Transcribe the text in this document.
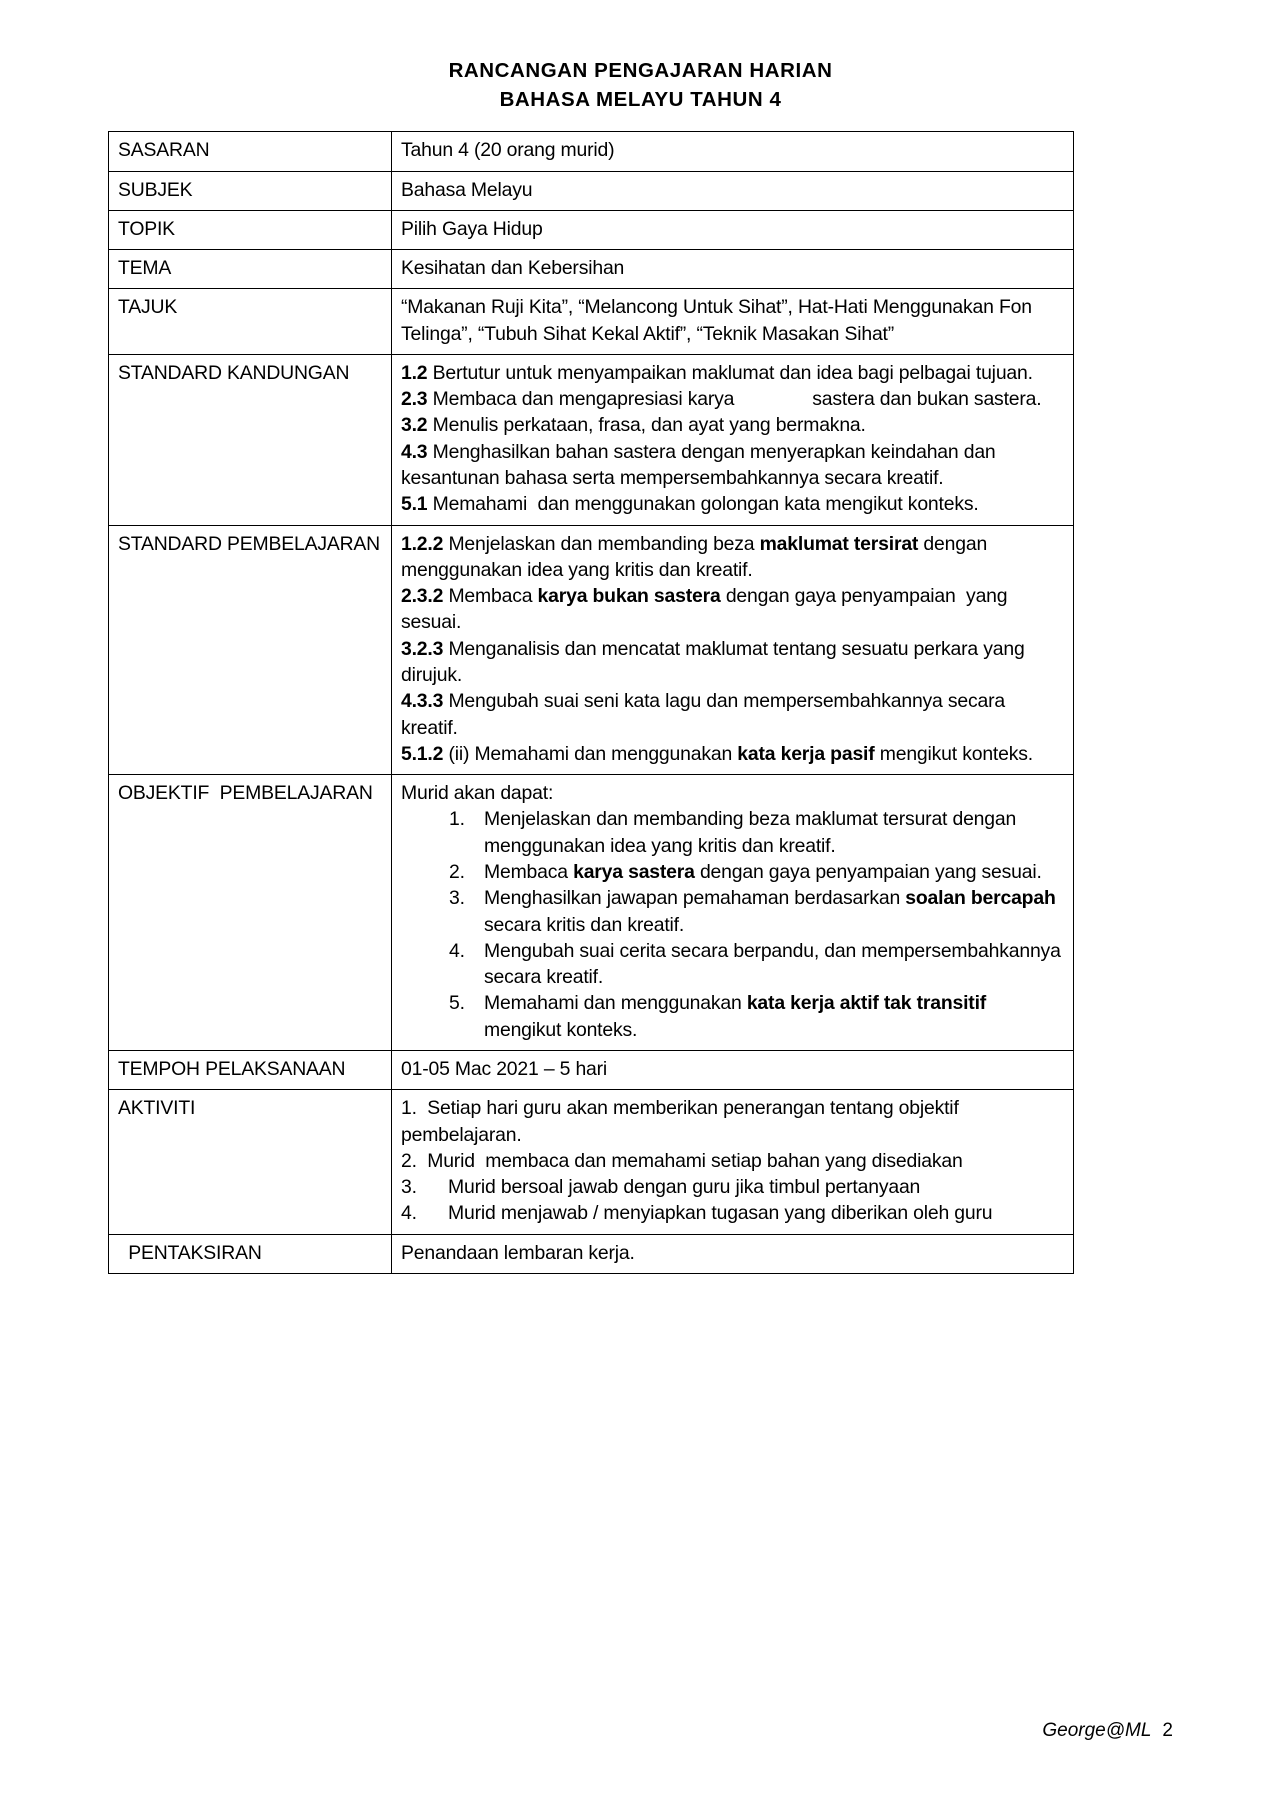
RANCANGAN PENGAJARAN HARIAN
BAHASA MELAYU TAHUN 4
SASARAN	Tahun 4 (20 orang murid)
SUBJEK	Bahasa Melayu
TOPIK	Pilih Gaya Hidup
TEMA	Kesihatan dan Kebersihan
TAJUK	“Makanan Ruji Kita”, “Melancong Untuk Sihat”, Hat-Hati Menggunakan Fon Telinga”, “Tubuh Sihat Kekal Aktif”, “Teknik Masakan Sihat”
STANDARD KANDUNGAN	1.2 Bertutur untuk menyampaikan maklumat dan idea bagi pelbagai tujuan.
2.3 Membaca dan mengapresiasi karya sastera dan bukan sastera.
3.2 Menulis perkataan, frasa, dan ayat yang bermakna.
4.3 Menghasilkan bahan sastera dengan menyerapkan keindahan dan kesantunan bahasa serta mempersembahkannya secara kreatif.
5.1 Memahami  dan menggunakan golongan kata mengikut konteks.

STANDARD PEMBELAJARAN	1.2.2 Menjelaskan dan membanding beza maklumat tersirat dengan menggunakan idea yang kritis dan kreatif.
2.3.2 Membaca karya bukan sastera dengan gaya penyampaian  yang sesuai.
3.2.3 Menganalisis dan mencatat maklumat tentang sesuatu perkara yang dirujuk.
4.3.3 Mengubah suai seni kata lagu dan mempersembahkannya secara kreatif.
5.1.2 (ii) Memahami dan menggunakan kata kerja pasif mengikut konteks.

OBJEKTIF  PEMBELAJARAN	Murid akan dapat:
1. Menjelaskan dan membanding beza maklumat tersurat dengan menggunakan idea yang kritis dan kreatif.
2. Membaca karya sastera dengan gaya penyampaian yang sesuai.
3. Menghasilkan jawapan pemahaman berdasarkan soalan bercapah secara kritis dan kreatif.
4. Mengubah suai cerita secara berpandu, dan mempersembahkannya secara kreatif.
5. Memahami dan menggunakan kata kerja aktif tak transitif mengikut konteks.

TEMPOH PELAKSANAAN	01-05 Mac 2021 – 5 hari
AKTIVITI	1.  Setiap hari guru akan memberikan penerangan tentang objektif pembelajaran.
2.  Murid  membaca dan memahami setiap bahan yang disediakan
3.      Murid bersoal jawab dengan guru jika timbul pertanyaan
4.      Murid menjawab / menyiapkan tugasan yang diberikan oleh guru

PENTAKSIRAN	Penandaan lembaran kerja.
George@ML 2
